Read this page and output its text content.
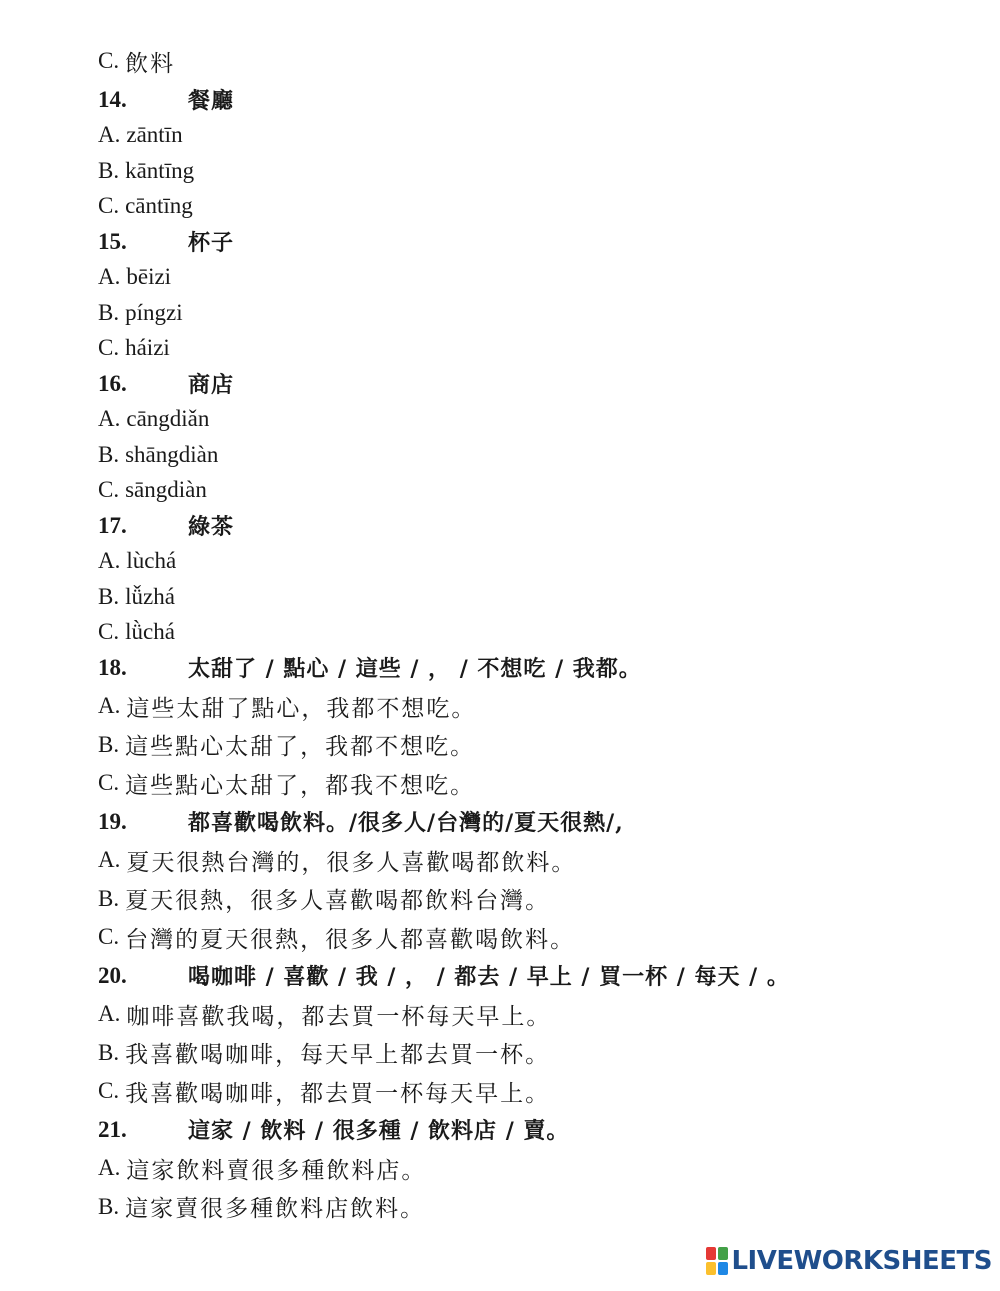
C. 飲料
14.	餐廳
A. zāntīn
B. kāntīng
C. cāntīng
15.	杯子
A. bēizi
B. píngzi
C. háizi
16.	商店
A. cāngdiǎn
B. shāngdiàn
C. sāngdiàn
17.	綠茶
A. lùchá
B. lǚzhá
C. lǜchá
18.	太甜了 / 點心 / 這些 / ， / 不想吃 / 我都。
A. 這些太甜了點心，我都不想吃。
B. 這些點心太甜了，我都不想吃。
C. 這些點心太甜了，都我不想吃。
19.	都喜歡喝飲料。/很多人/台灣的/夏天很熱/,
A. 夏天很熱台灣的，很多人喜歡喝都飲料。
B. 夏天很熱，很多人喜歡喝都飲料台灣。
C. 台灣的夏天很熱，很多人都喜歡喝飲料。
20.	喝咖啡 / 喜歡 / 我 / ， / 都去 / 早上 / 買一杯 / 每天 / 。
A. 咖啡喜歡我喝，都去買一杯每天早上。
B. 我喜歡喝咖啡，每天早上都去買一杯。
C. 我喜歡喝咖啡，都去買一杯每天早上。
21.	這家 / 飲料 / 很多種 / 飲料店 / 賣。
A. 這家飲料賣很多種飲料店。
B. 這家賣很多種飲料店飲料。
LIVEWORKSHEETS
